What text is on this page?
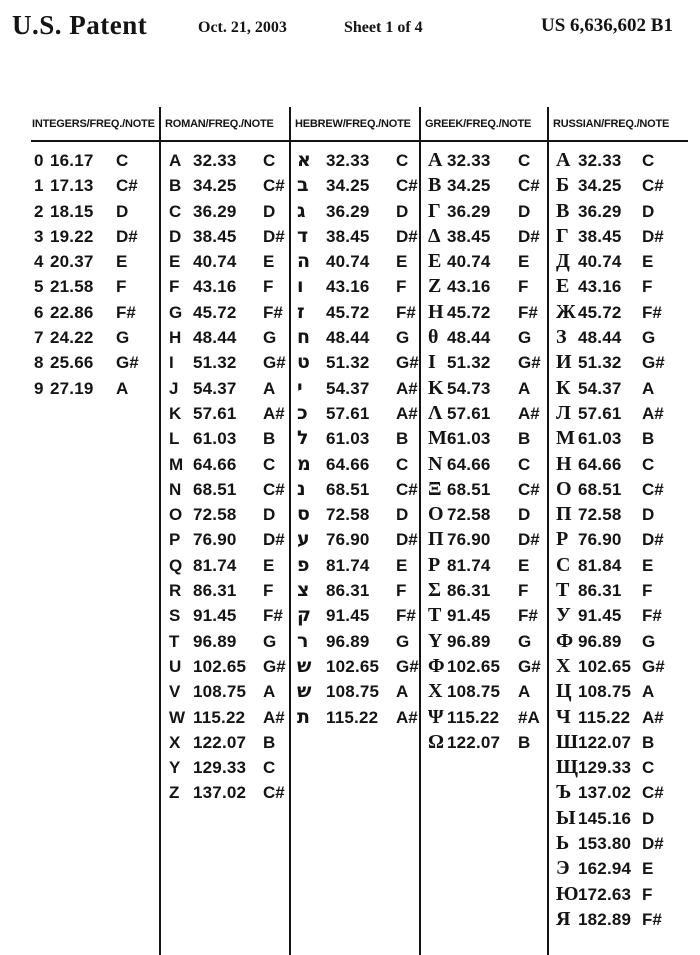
U.S. Patent	Oct. 21, 2003	Sheet 1 of 4	US 6,636,602 B1
INTEGERS/FREQ./NOTE
0 16.17	C
1 17.13	C#
2 18.15	D
3 19.22	D#
4 20.37	E
5 21.58	F
6 22.86	F#
7 24.22	G
8 25.66	G#
9 27.19	A
ROMAN/FREQ./NOTE
A 32.33	C
B 34.25	C#
C 36.29	D
D 38.45	D#
E 40.74	E
F 43.16	F
G 45.72	F#
H 48.44	G
I	51.32	G#
J 54.37	A
K 57.61	A#
L 61.03	B
M 64.66	C
N 68.51	C#
O 72.58	D
P 76.90	D#
Q 81.74	E
R 86.31	F
S 91.45	F#
T 96.89	G
U 102.65 G#
V 108.75 A
W 115.22	A#
X 122.07 B
Y 129.33 C
Z 137.02 C#
HEBREW/FREQ./NOTE
א 32.33	C
ב	34.25	C#
ג	36.29	D
ד	38.45	D#
ה 40.74	E
ו	43.16	F
ז	45.72	F#
ח 48.44	G
ט 51.32	G#
י	54.37	A#
כ	57.61	A#
ל	61.03	B
מ 64.66	C
נ	68.51	C#
ס 72.58	D
ע 76.90	D#
פ 81.74	E
צ 86.31	F
ק 91.45	F#
ר	96.89	G
ש 102.65 G#
ש 108.75 A
ת 115.22	A#
GREEK/FREQ./NOTE
Α 32.33	C
Β 34.25	C#
Γ 36.29	D
Δ 38.45	D#
Ε 40.74	E
Ζ 43.16	F
Η 45.72	F#
θ 48.44	G
Ι 51.32	G#
Κ 54.73	A
Λ 57.61	A#
Μ 61.03	B
Ν 64.66	C
Ξ 68.51	C#
Ο 72.58	D
Π 76.90	D#
Ρ 81.74	E
Σ 86.31	F
Τ 91.45	F#
Υ 96.89	G
Φ 102.65	G#
Χ 108.75	A
Ψ 115.22	#A
Ω 122.07	B
RUSSIAN/FREQ./NOTE
А 32.33	C
Б 34.25	C#
В 36.29	D
Г 38.45	D#
Д 40.74	E
Е 43.16	F
Ж 45.72	F#
З 48.44	G
И 51.32	G#
К 54.37	A
Л 57.61	A#
М 61.03	B
Н 64.66	C
О 68.51	C#
П 72.58	D
Р 76.90	D#
С 81.84	E
Т 86.31	F
У 91.45	F#
Ф 96.89	G
Х 102.65 G#
Ц 108.75 A
Ч 115.22 A#
Ш 122.07 B
Щ 129.33 C
Ъ 137.02 C#
Ы 145.16 D
Ь 153.80 D#
Э 162.94 E
Ю 172.63 F
Я 182.89 F#
